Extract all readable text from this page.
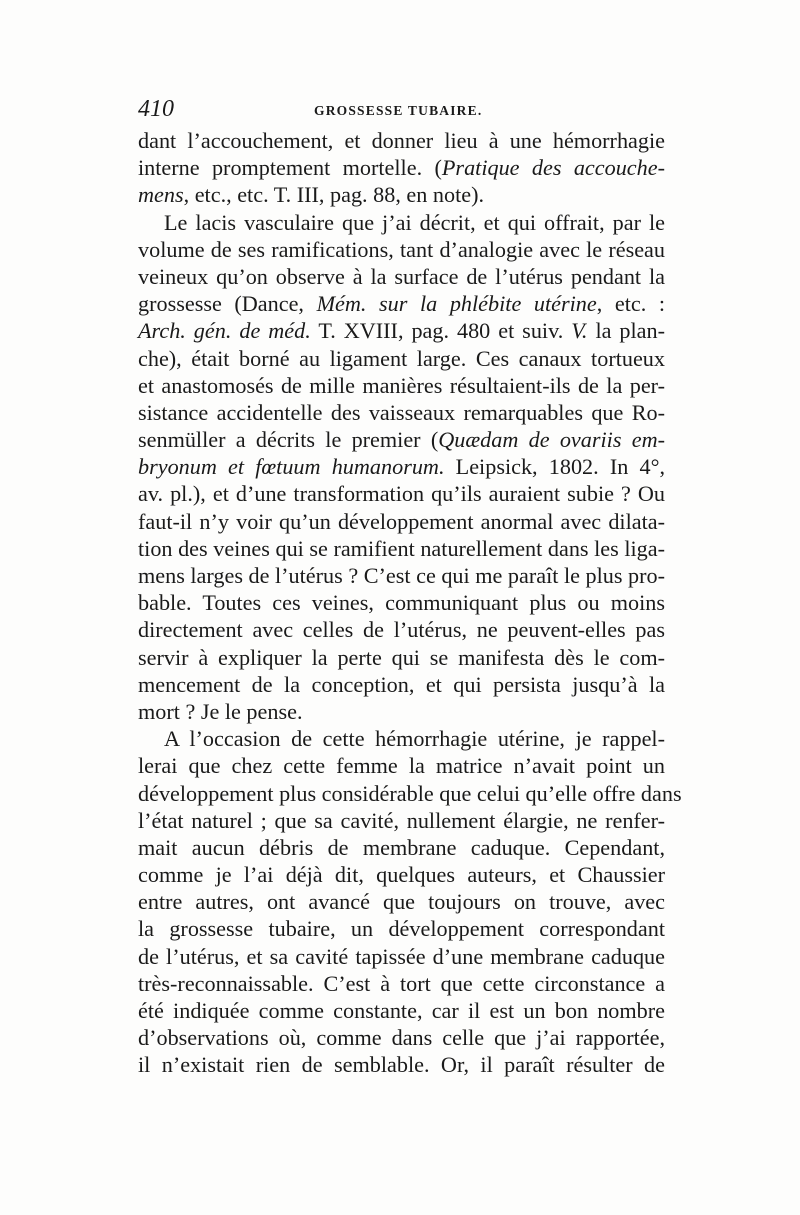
410	GROSSESSE TUBAIRE.
dant l’accouchement, et donner lieu à une hémorrhagie
interne promptement mortelle. (Pratique des accouche-
mens, etc., etc. T. III, pag. 88, en note).
Le lacis vasculaire que j’ai décrit, et qui offrait, par le
volume de ses ramifications, tant d’analogie avec le réseau
veineux qu’on observe à la surface de l’utérus pendant la
grossesse (Dance, Mém. sur la phlébite utérine, etc. :
Arch. gén. de méd. T. XVIII, pag. 480 et suiv. V. la plan-
che), était borné au ligament large. Ces canaux tortueux
et anastomosés de mille manières résultaient-ils de la per-
sistance accidentelle des vaisseaux remarquables que Ro-
senmüller a décrits le premier (Quædam de ovariis em-
bryonum et fœtuum humanorum. Leipsick, 1802. In 4°,
av. pl.), et d’une transformation qu’ils auraient subie ? Ou
faut-il n’y voir qu’un développement anormal avec dilata-
tion des veines qui se ramifient naturellement dans les liga-
mens larges de l’utérus ? C’est ce qui me paraît le plus pro-
bable. Toutes ces veines, communiquant plus ou moins
directement avec celles de l’utérus, ne peuvent-elles pas
servir à expliquer la perte qui se manifesta dès le com-
mencement de la conception, et qui persista jusqu’à la
mort ? Je le pense.
A l’occasion de cette hémorrhagie utérine, je rappel-
lerai que chez cette femme la matrice n’avait point un
développement plus considérable que celui qu’elle offre dans
l’état naturel ; que sa cavité, nullement élargie, ne renfer-
mait aucun débris de membrane caduque. Cependant,
comme je l’ai déjà dit, quelques auteurs, et Chaussier
entre autres, ont avancé que toujours on trouve, avec
la grossesse tubaire, un développement correspondant
de l’utérus, et sa cavité tapissée d’une membrane caduque
très-reconnaissable. C’est à tort que cette circonstance a
été indiquée comme constante, car il est un bon nombre
d’observations où, comme dans celle que j’ai rapportée,
il n’existait rien de semblable. Or, il paraît résulter de
